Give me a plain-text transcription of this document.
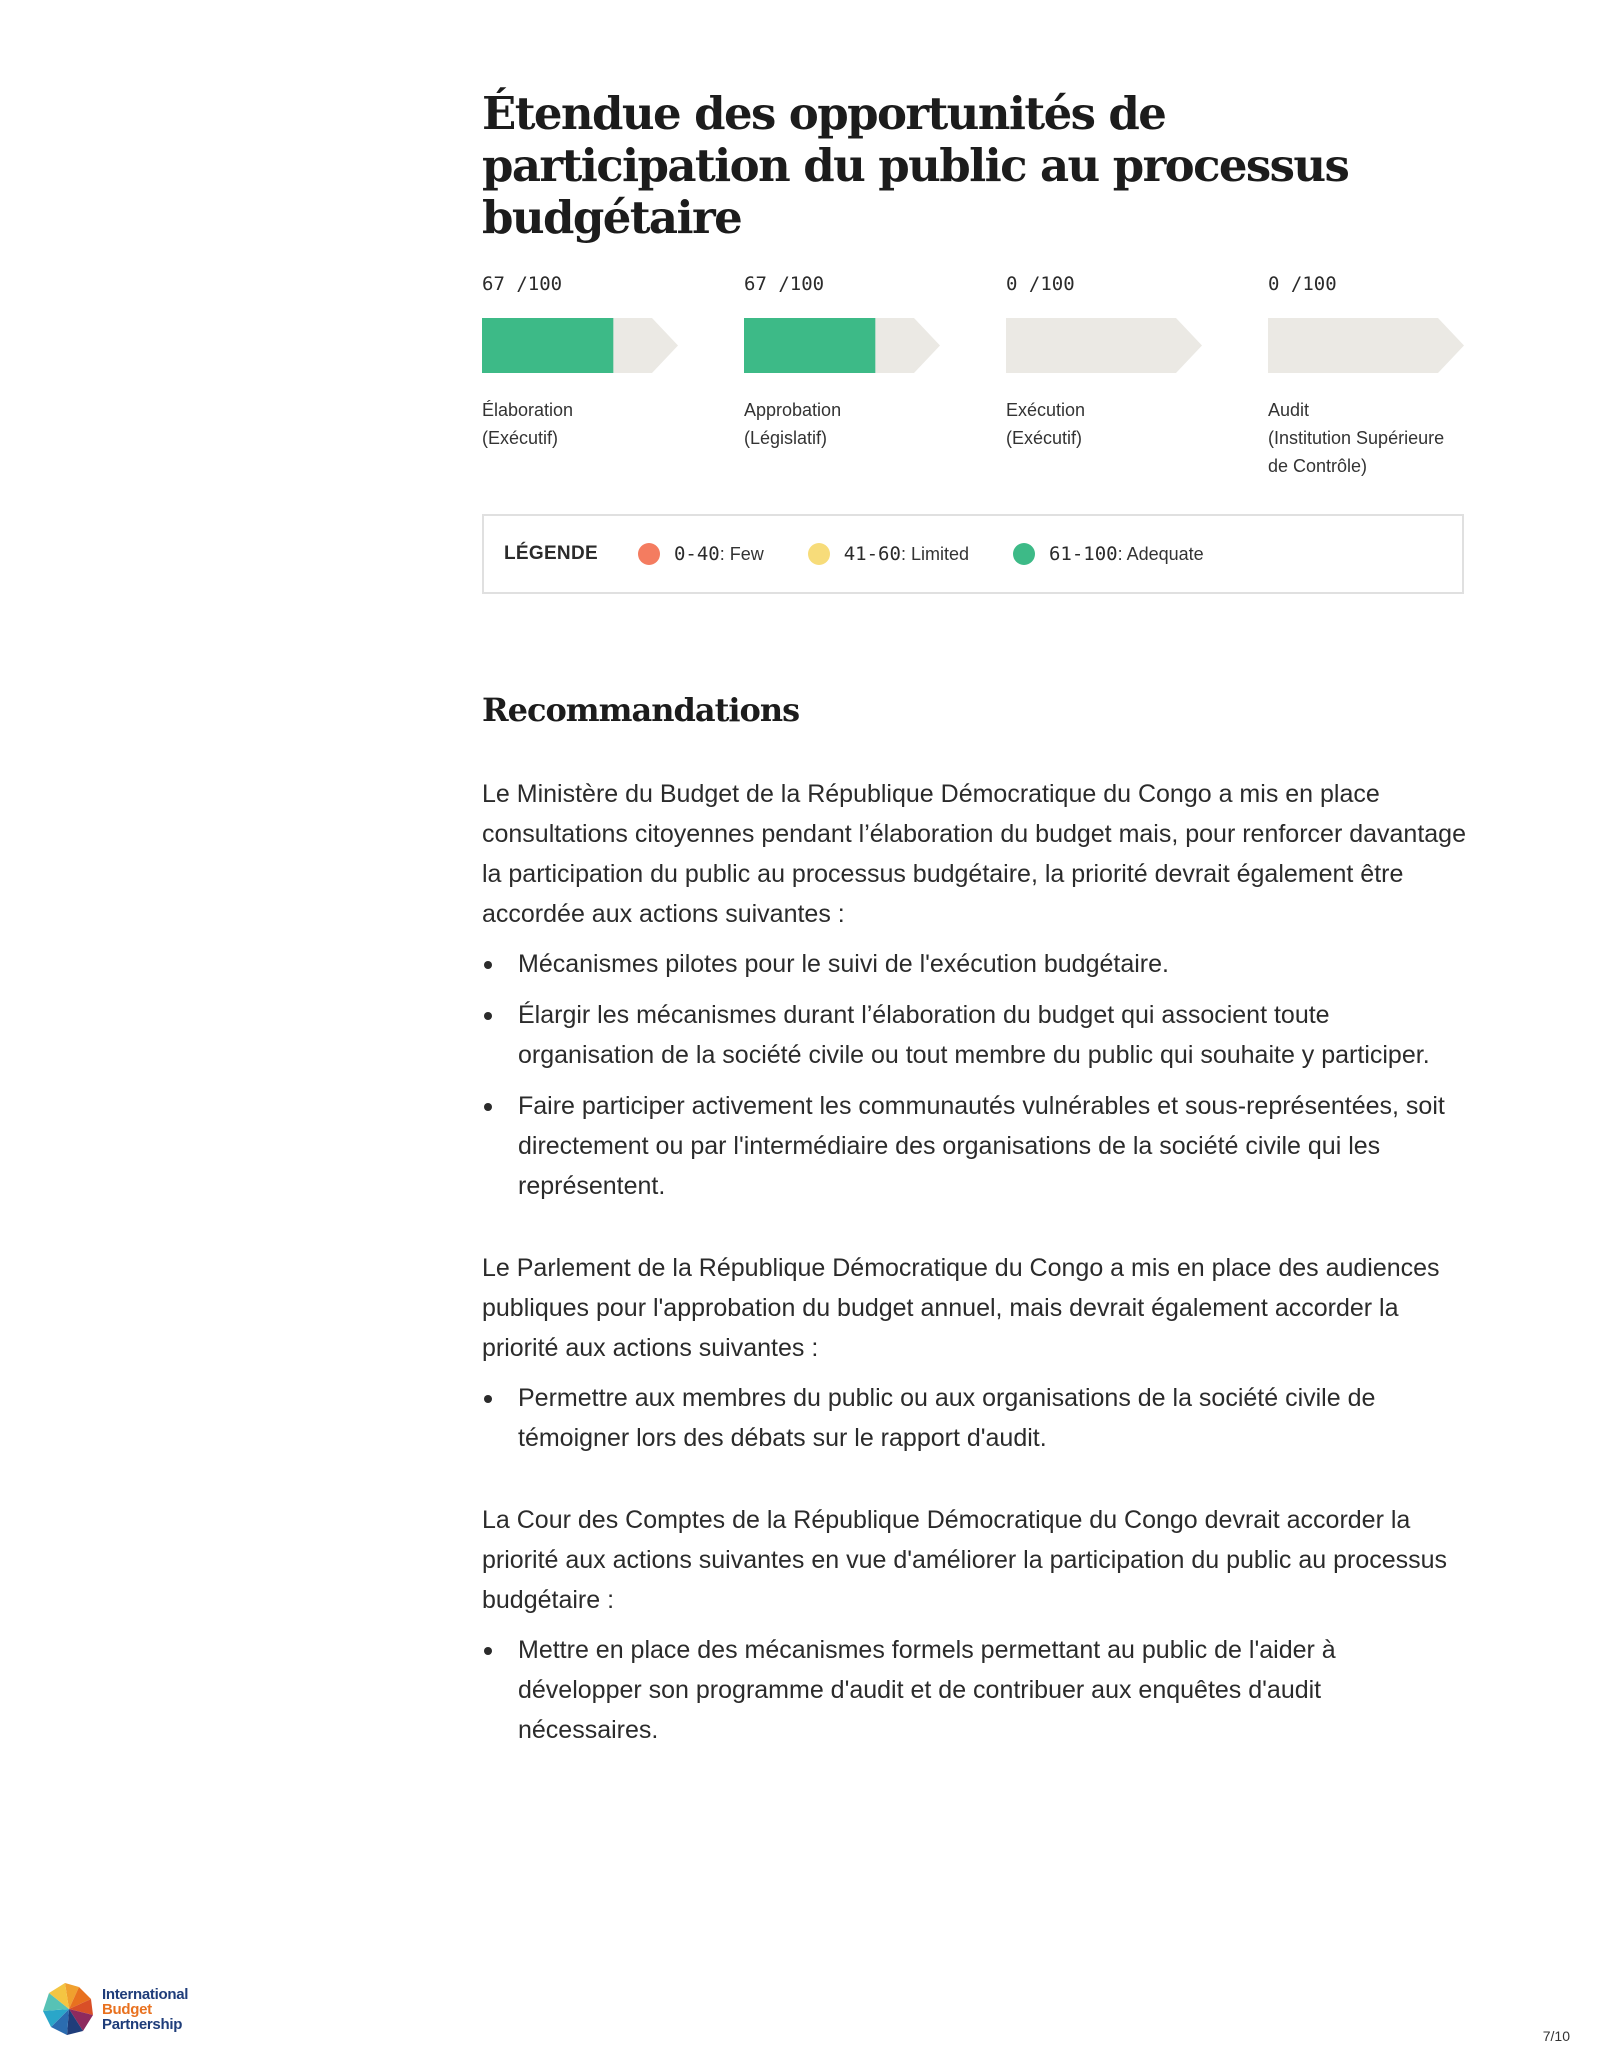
Étendue des opportunités de participation du public au processus budgétaire
67 /100
Élaboration
(Exécutif)
67 /100
Approbation
(Législatif)
0 /100
Exécution
(Exécutif)
0 /100
Audit
(Institution Supérieure
de Contrôle)
LÉGENDE	0-40 : Few	41-60 : Limited	61-100 : Adequate
Recommandations

Le Ministère du Budget de la République Démocratique du Congo a mis en place consultations citoyennes pendant l’élaboration du budget mais, pour renforcer davantage la participation du public au processus budgétaire, la priorité devrait également être accordée aux actions suivantes :

Mécanismes pilotes pour le suivi de l'exécution budgétaire.
Élargir les mécanismes durant l’élaboration du budget qui associent toute organisation de la société civile ou tout membre du public qui souhaite y participer.
Faire participer activement les communautés vulnérables et sous-représentées, soit directement ou par l'intermédiaire des organisations de la société civile qui les représentent.

Le Parlement de la République Démocratique du Congo a mis en place des audiences publiques pour l'approbation du budget annuel, mais devrait également accorder la priorité aux actions suivantes :

Permettre aux membres du public ou aux organisations de la société civile de témoigner lors des débats sur le rapport d'audit.

La Cour des Comptes de la République Démocratique du Congo devrait accorder la priorité aux actions suivantes en vue d'améliorer la participation du public au processus budgétaire :

Mettre en place des mécanismes formels permettant au public de l'aider à développer son programme d'audit et de contribuer aux enquêtes d'audit nécessaires.
International
Budget
Partnership
7/10
